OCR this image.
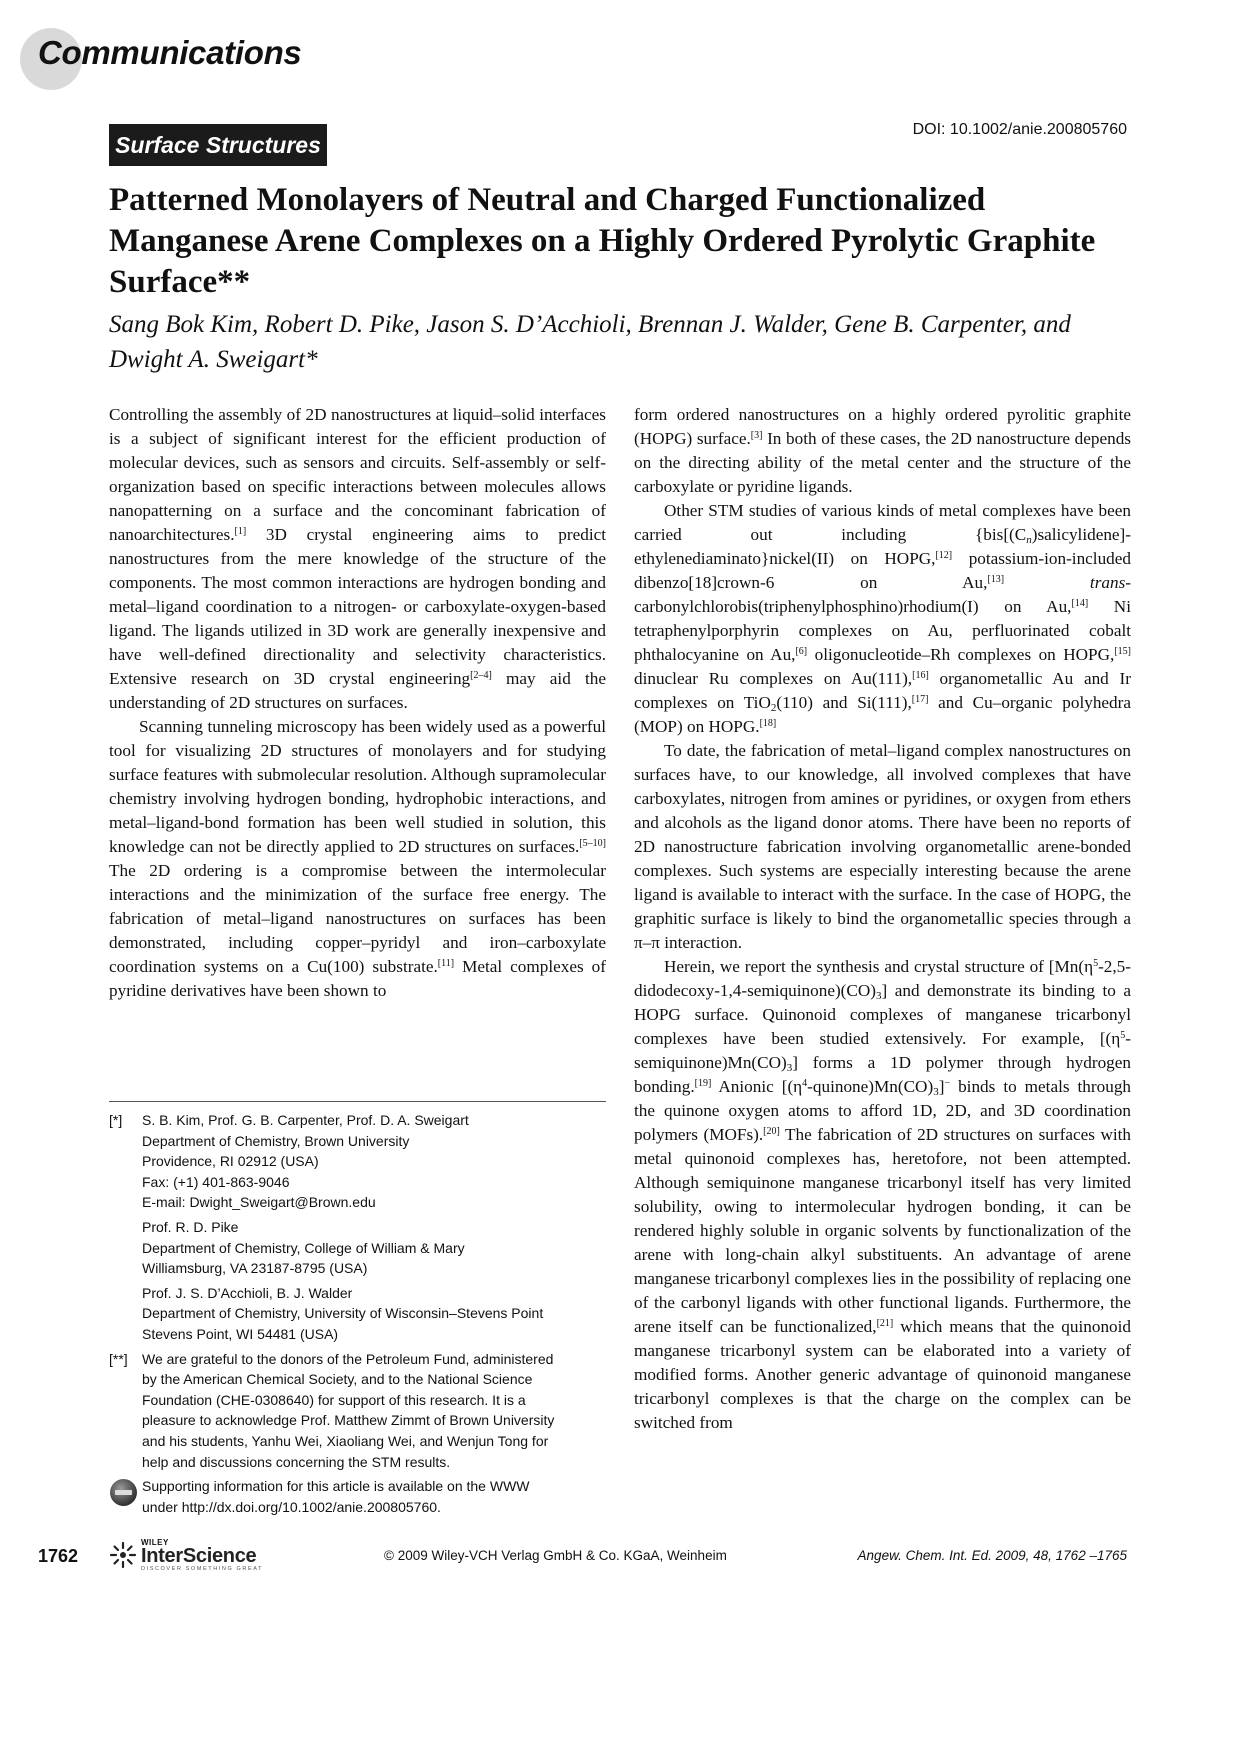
Communications
Surface Structures
DOI: 10.1002/anie.200805760
Patterned Monolayers of Neutral and Charged Functionalized Manganese Arene Complexes on a Highly Ordered Pyrolytic Graphite Surface**

Sang Bok Kim, Robert D. Pike, Jason S. D’Acchioli, Brennan J. Walder, Gene B. Carpenter, and Dwight A. Sweigart*

Controlling the assembly of 2D nanostructures at liquid–solid interfaces is a subject of significant interest for the efficient production of molecular devices, such as sensors and circuits. Self-assembly or self-organization based on specific interactions between molecules allows nanopatterning on a surface and the concominant fabrication of nanoarchitectures.[1] 3D crystal engineering aims to predict nanostructures from the mere knowledge of the structure of the components. The most common interactions are hydrogen bonding and metal–ligand coordination to a nitrogen- or carboxylate-oxygen-based ligand. The ligands utilized in 3D work are generally inexpensive and have well-defined directionality and selectivity characteristics. Extensive research on 3D crystal engineering[2–4] may aid the understanding of 2D structures on surfaces.

Scanning tunneling microscopy has been widely used as a powerful tool for visualizing 2D structures of monolayers and for studying surface features with submolecular resolution. Although supramolecular chemistry involving hydrogen bonding, hydrophobic interactions, and metal–ligand-bond formation has been well studied in solution, this knowledge can not be directly applied to 2D structures on surfaces.[5–10] The 2D ordering is a compromise between the intermolecular interactions and the minimization of the surface free energy. The fabrication of metal–ligand nanostructures on surfaces has been demonstrated, including copper–pyridyl and iron–carboxylate coordination systems on a Cu(100) substrate.[11] Metal complexes of pyridine derivatives have been shown to

form ordered nanostructures on a highly ordered pyrolitic graphite (HOPG) surface.[3] In both of these cases, the 2D nanostructure depends on the directing ability of the metal center and the structure of the carboxylate or pyridine ligands.

Other STM studies of various kinds of metal complexes have been carried out including $\{bis[(C_n)salicylidene]-ethylenediaminato\}nickel(II)$ on HOPG,[12] potassium-ion-included dibenzo[18]crown-6 on Au,[13]	trans-carbonylchlorobis(triphenylphosphino)rhodium(I) on Au,[14] Ni tetraphenylporphyrin complexes on Au, perfluorinated cobalt phthalocyanine on Au,[6] oligonucleotide–Rh complexes on HOPG,[15] dinuclear Ru complexes on Au(111),[16] organometallic Au and Ir complexes on TiO$_2$(110) and Si(111),[17] and Cu–organic polyhedra (MOP) on HOPG.[18]

To date, the fabrication of metal–ligand complex nanostructures on surfaces have, to our knowledge, all involved complexes that have carboxylates, nitrogen from amines or pyridines, or oxygen from ethers and alcohols as the ligand donor atoms. There have been no reports of 2D nanostructure fabrication involving organometallic arene-bonded complexes. Such systems are especially interesting because the arene ligand is available to interact with the surface. In the case of HOPG, the graphitic surface is likely to bind the organometallic species through a π–π interaction.

Herein, we report the synthesis and crystal structure of $[Mn(\eta^5-2,5-didodecoxy-1,4-semiquinone)(CO)_3]$ and demonstrate its binding to a HOPG surface. Quinonoid complexes of manganese tricarbonyl complexes have been studied extensively. For example, $[(\eta^5-semiquinone)Mn(CO)_3]$ forms a 1D polymer through hydrogen bonding.[19] Anionic $[(\eta^4-quinone)Mn(CO)_3]^-$ binds to metals through the quinone oxygen atoms to afford 1D, 2D, and 3D coordination polymers (MOFs).[20] The fabrication of 2D structures on surfaces with metal quinonoid complexes has, heretofore, not been attempted. Although semiquinone manganese tricarbonyl itself has very limited solubility, owing to intermolecular hydrogen bonding, it can be rendered highly soluble in organic solvents by functionalization of the arene with long-chain alkyl substituents. An advantage of arene manganese tricarbonyl complexes lies in the possibility of replacing one of the carbonyl ligands with other functional ligands. Furthermore, the arene itself can be functionalized,[21] which means that the quinonoid manganese tricarbonyl system can be elaborated into a variety of modified forms. Another generic advantage of quinonoid manganese tricarbonyl complexes is that the charge on the complex can be switched from

[*] S. B. Kim, Prof. G. B. Carpenter, Prof. D. A. Sweigart
Department of Chemistry, Brown University
Providence, RI 02912 (USA)
Fax: (+1) 401-863-9046
E-mail: Dwight_Sweigart@Brown.edu
Prof. R. D. Pike
Department of Chemistry, College of William & Mary
Williamsburg, VA 23187-8795 (USA)
Prof. J. S. D’Acchioli, B. J. Walder
Department of Chemistry, University of Wisconsin–Stevens Point
Stevens Point, WI 54481 (USA)
[**] We are grateful to the donors of the Petroleum Fund, administered
by the American Chemical Society, and to the National Science
Foundation (CHE-0308640) for support of this research. It is a
pleasure to acknowledge Prof. Matthew Zimmt of Brown University
and his students, Yanhu Wei, Xiaoliang Wei, and Wenjun Tong for
help and discussions concerning the STM results.
Supporting information for this article is available on the WWW
under http://dx.doi.org/10.1002/anie.200805760.
1762
WILEY
InterScience
DISCOVER SOMETHING GREAT
© 2009 Wiley-VCH Verlag GmbH & Co. KGaA, Weinheim	Angew. Chem. Int. Ed. 2009, 48, 1762 –1765
